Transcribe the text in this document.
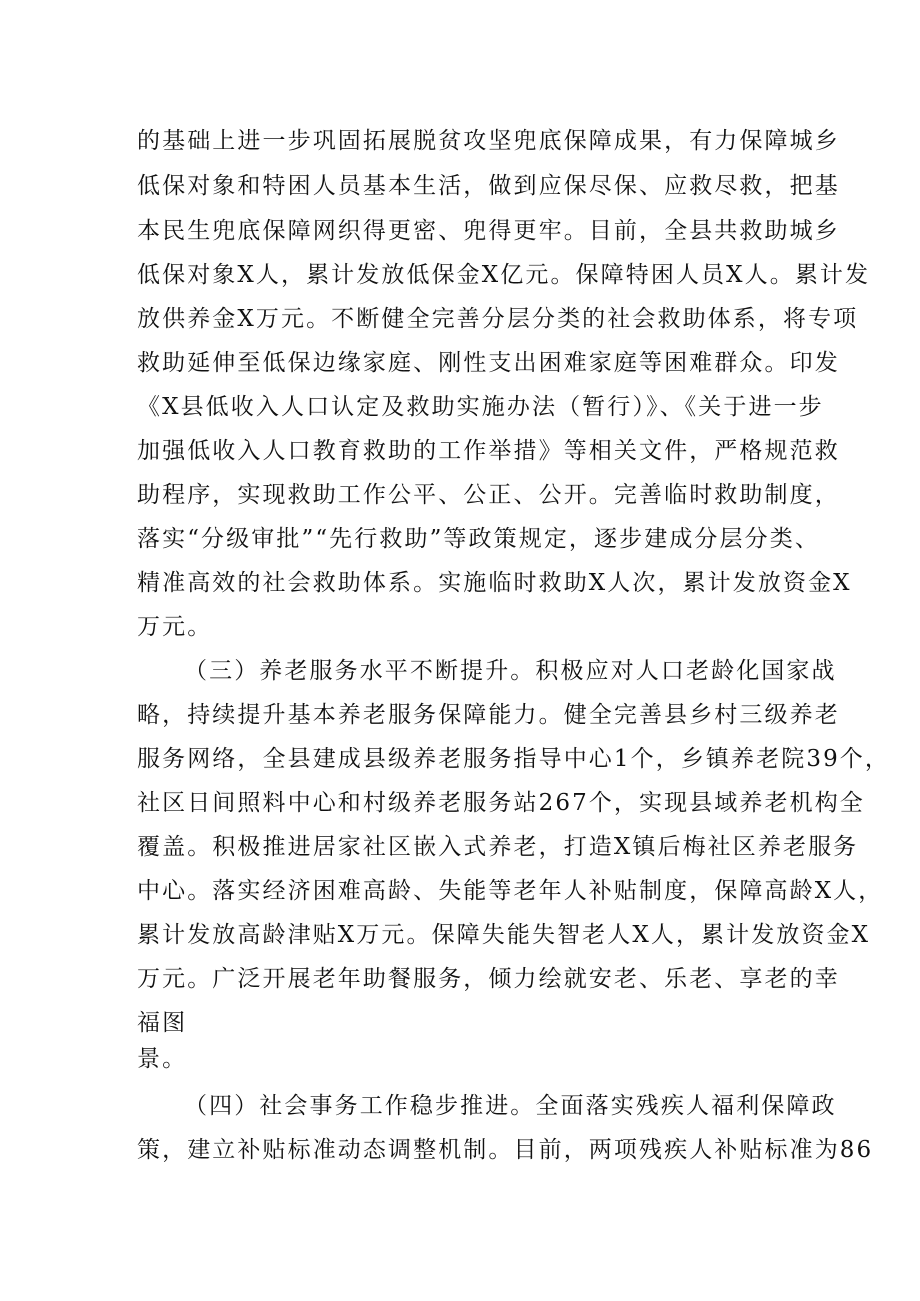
的基础上进一步巩固拓展脱贫攻坚兜底保障成果，有力保障城乡
低保对象和特困人员基本生活，做到应保尽保、应救尽救，把基
本民生兜底保障网织得更密、兜得更牢。目前，全县共救助城乡
低保对象X人，累计发放低保金X亿元。保障特困人员X人。累计发
放供养金X万元。不断健全完善分层分类的社会救助体系，将专项
救助延伸至低保边缘家庭、刚性支出困难家庭等困难群众。印发
《X县低收入人口认定及救助实施办法（暂行）》、《关于进一步
加强低收入人口教育救助的工作举措》等相关文件，严格规范救
助程序，实现救助工作公平、公正、公开。完善临时救助制度，
落实“分级审批”“先行救助”等政策规定，逐步建成分层分类、
精准高效的社会救助体系。实施临时救助X人次，累计发放资金X
万元。
（三）养老服务水平不断提升。积极应对人口老龄化国家战
略，持续提升基本养老服务保障能力。健全完善县乡村三级养老
服务网络，全县建成县级养老服务指导中心1个，乡镇养老院39个，
社区日间照料中心和村级养老服务站267个，实现县域养老机构全
覆盖。积极推进居家社区嵌入式养老，打造X镇后梅社区养老服务
中心。落实经济困难高龄、失能等老年人补贴制度，保障高龄X人，
累计发放高龄津贴X万元。保障失能失智老人X人，累计发放资金X
万元。广泛开展老年助餐服务，倾力绘就安老、乐老、享老的幸
福图
景。
（四）社会事务工作稳步推进。全面落实残疾人福利保障政
策，建立补贴标准动态调整机制。目前，两项残疾人补贴标准为86
